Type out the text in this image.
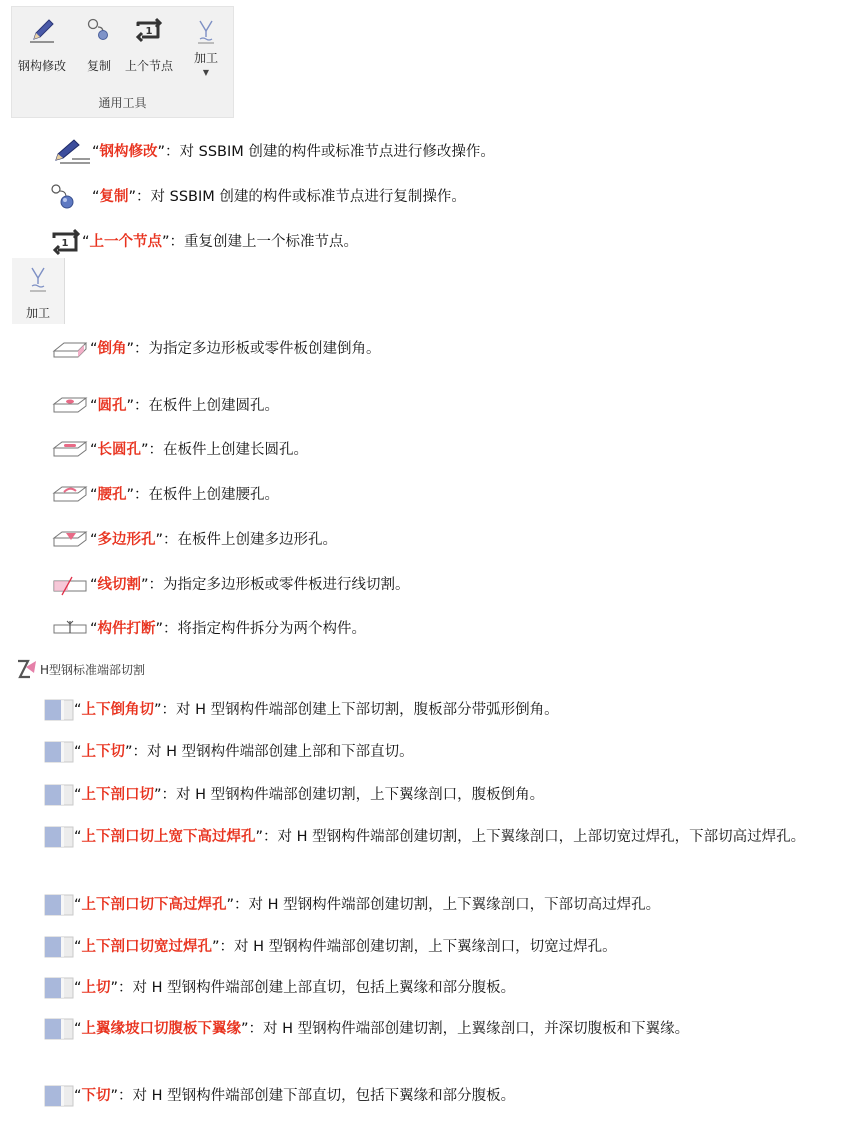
钢构修改 复制
1
上个节点
加工
▼
通用工具
“ 钢构修改 ” ： 对 SSBIM 创建的构件或标准节点进行修改操作。
“ 复制 ” ： 对 SSBIM 创建的构件或标准节点进行复制操作。
1 “ 上一个节点 ” ： 重复创建上一个标准节点。
加工
“ 倒角 ”： 为指定多边形板或零件板创建倒角。
“ 圆孔 ”： 在板件上创建圆孔。
“ 长圆孔 ”： 在板件上创建长圆孔。
“ 腰孔 ”： 在板件上创建腰孔。
“ 多边形孔 ”： 在板件上创建多边形孔。
“ 线切割 ”： 为指定多边形板或零件板进行线切割。
“ 构件打断 ”： 将指定构件拆分为两个构件。
H型钢标准端部切割
“ 上下倒角切 ”： 对 H 型钢构件端部创建上下部切割，腹板部分带弧形倒角。
“ 上下切 ”： 对 H 型钢构件端部创建上部和下部直切。
“ 上下剖口切 ”： 对 H 型钢构件端部创建切割，上下翼缘剖口，腹板倒角。
“上下剖口切上宽下高过焊孔”：对 H 型钢构件端部创建切割，上下翼缘剖口，上部切宽过焊孔，下部切高过焊孔。
“ 上下剖口切下高过焊孔 ”： 对 H 型钢构件端部创建切割，上下翼缘剖口，下部切高过焊孔。
“ 上下剖口切宽过焊孔 ”： 对 H 型钢构件端部创建切割，上下翼缘剖口，切宽过焊孔。
“ 上切 ”： 对 H 型钢构件端部创建上部直切，包括上翼缘和部分腹板。
“上翼缘坡口切腹板下翼缘”：对 H 型钢构件端部创建切割，上翼缘剖口，并深切腹板和下翼缘。
“ 下切 ”： 对 H 型钢构件端部创建下部直切，包括下翼缘和部分腹板。
